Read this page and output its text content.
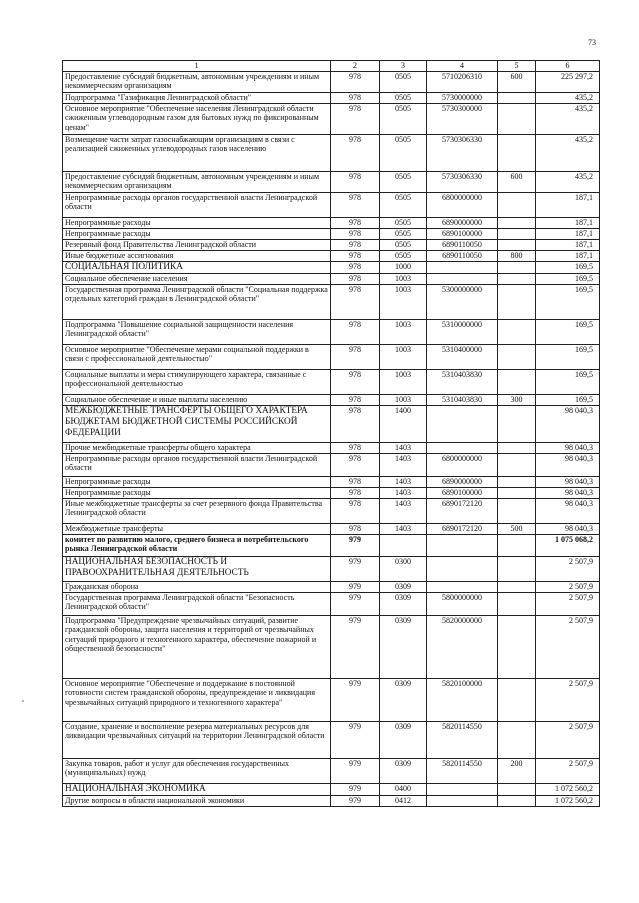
73
1	2	3	4	5	6
Предоставление субсидий бюджетным, автономным учреждениям и иным некоммерческим организациям	978	0505	5710206310	600	225 297,2
Подпрограмма "Газификация Ленинградской области"	978	0505	5730000000		435,2
Основное мероприятие "Обеспечение населения Ленинградской области сжиженным углеводородным газом для бытовых нужд по фиксированным ценам"	978	0505	5730300000		435,2
Возмещение части затрат газоснабжающим организациям в связи с реализацией сжиженных углеводородных газов населению	978	0505	5730306330		435,2
Предоставление субсидий бюджетным, автономным учреждениям и иным некоммерческим организациям	978	0505	5730306330	600	435,2
Непрограммные расходы органов государственной власти Ленинградской области	978	0505	6800000000		187,1
Непрограммные расходы	978	0505	6890000000		187,1
Непрограммные расходы	978	0505	6890100000		187,1
Резервный фонд Правительства Ленинградской области	978	0505	6890110050		187,1
Иные бюджетные ассигнования	978	0505	6890110050	800	187,1
СОЦИАЛЬНАЯ ПОЛИТИКА	978	1000			169,5
Социальное обеспечение населения	978	1003			169,5
Государственная программа Ленинградской области "Социальная поддержка отдельных категорий граждан в Ленинградской области"	978	1003	5300000000		169,5
Подпрограмма "Повышение социальной защищенности населения Ленинградской области"	978	1003	5310000000		169,5
Основное мероприятие "Обеспечение мерами социальной поддержки в связи с профессиональной деятельностью"	978	1003	5310400000		169,5
Социальные выплаты и меры стимулирующего характера, связанные с профессиональной деятельностью	978	1003	5310403830		169,5
Социальное обеспечение и иные выплаты населению	978	1003	5310403830	300	169,5
МЕЖБЮДЖЕТНЫЕ ТРАНСФЕРТЫ ОБЩЕГО ХАРАКТЕРА БЮДЖЕТАМ БЮДЖЕТНОЙ СИСТЕМЫ РОССИЙСКОЙ ФЕДЕРАЦИИ	978	1400			98 040,3
Прочие межбюджетные трансферты общего характера	978	1403			98 040,3
Непрограммные расходы органов государственной власти Ленинградской области	978	1403	6800000000		98 040,3
Непрограммные расходы	978	1403	6890000000		98 040,3
Непрограммные расходы	978	1403	6890100000		98 040,3
Иные межбюджетные трансферты за счет резервного фонда Правительства Ленинградской области	978	1403	6890172120		98 040,3
Межбюджетные трансферты	978	1403	6890172120	500	98 040,3
комитет по развитию малого, среднего бизнеса и потребительского рынка Ленинградской области	979				1 075 068,2
НАЦИОНАЛЬНАЯ БЕЗОПАСНОСТЬ И ПРАВООХРАНИТЕЛЬНАЯ ДЕЯТЕЛЬНОСТЬ	979	0300			2 507,9
Гражданская оборона	979	0309			2 507,9
Государственная программа Ленинградской области "Безопасность Ленинградской области"	979	0309	5800000000		2 507,9
Подпрограмма "Предупреждение чрезвычайных ситуаций, развитие гражданской обороны, защита населения и территорий от чрезвычайных ситуаций природного и техногенного характера, обеспечение пожарной и общественной безопасности"	979	0309	5820000000		2 507,9
Основное мероприятие "Обеспечение и поддержание в постоянной готовности систем гражданской обороны, предупреждение и ликвидация чрезвычайных ситуаций природного и техногенного характера"	979	0309	5820100000		2 507,9
Создание, хранение и восполнение резерва материальных ресурсов для ликвидации чрезвычайных ситуаций на территории Ленинградской области	979	0309	5820114550		2 507,9
Закупка товаров, работ и услуг для обеспечения государственных (муниципальных) нужд	979	0309	5820114550	200	2 507,9
НАЦИОНАЛЬНАЯ ЭКОНОМИКА	979	0400			1 072 560,2
Другие вопросы в области национальной экономики	979	0412			1 072 560,2
